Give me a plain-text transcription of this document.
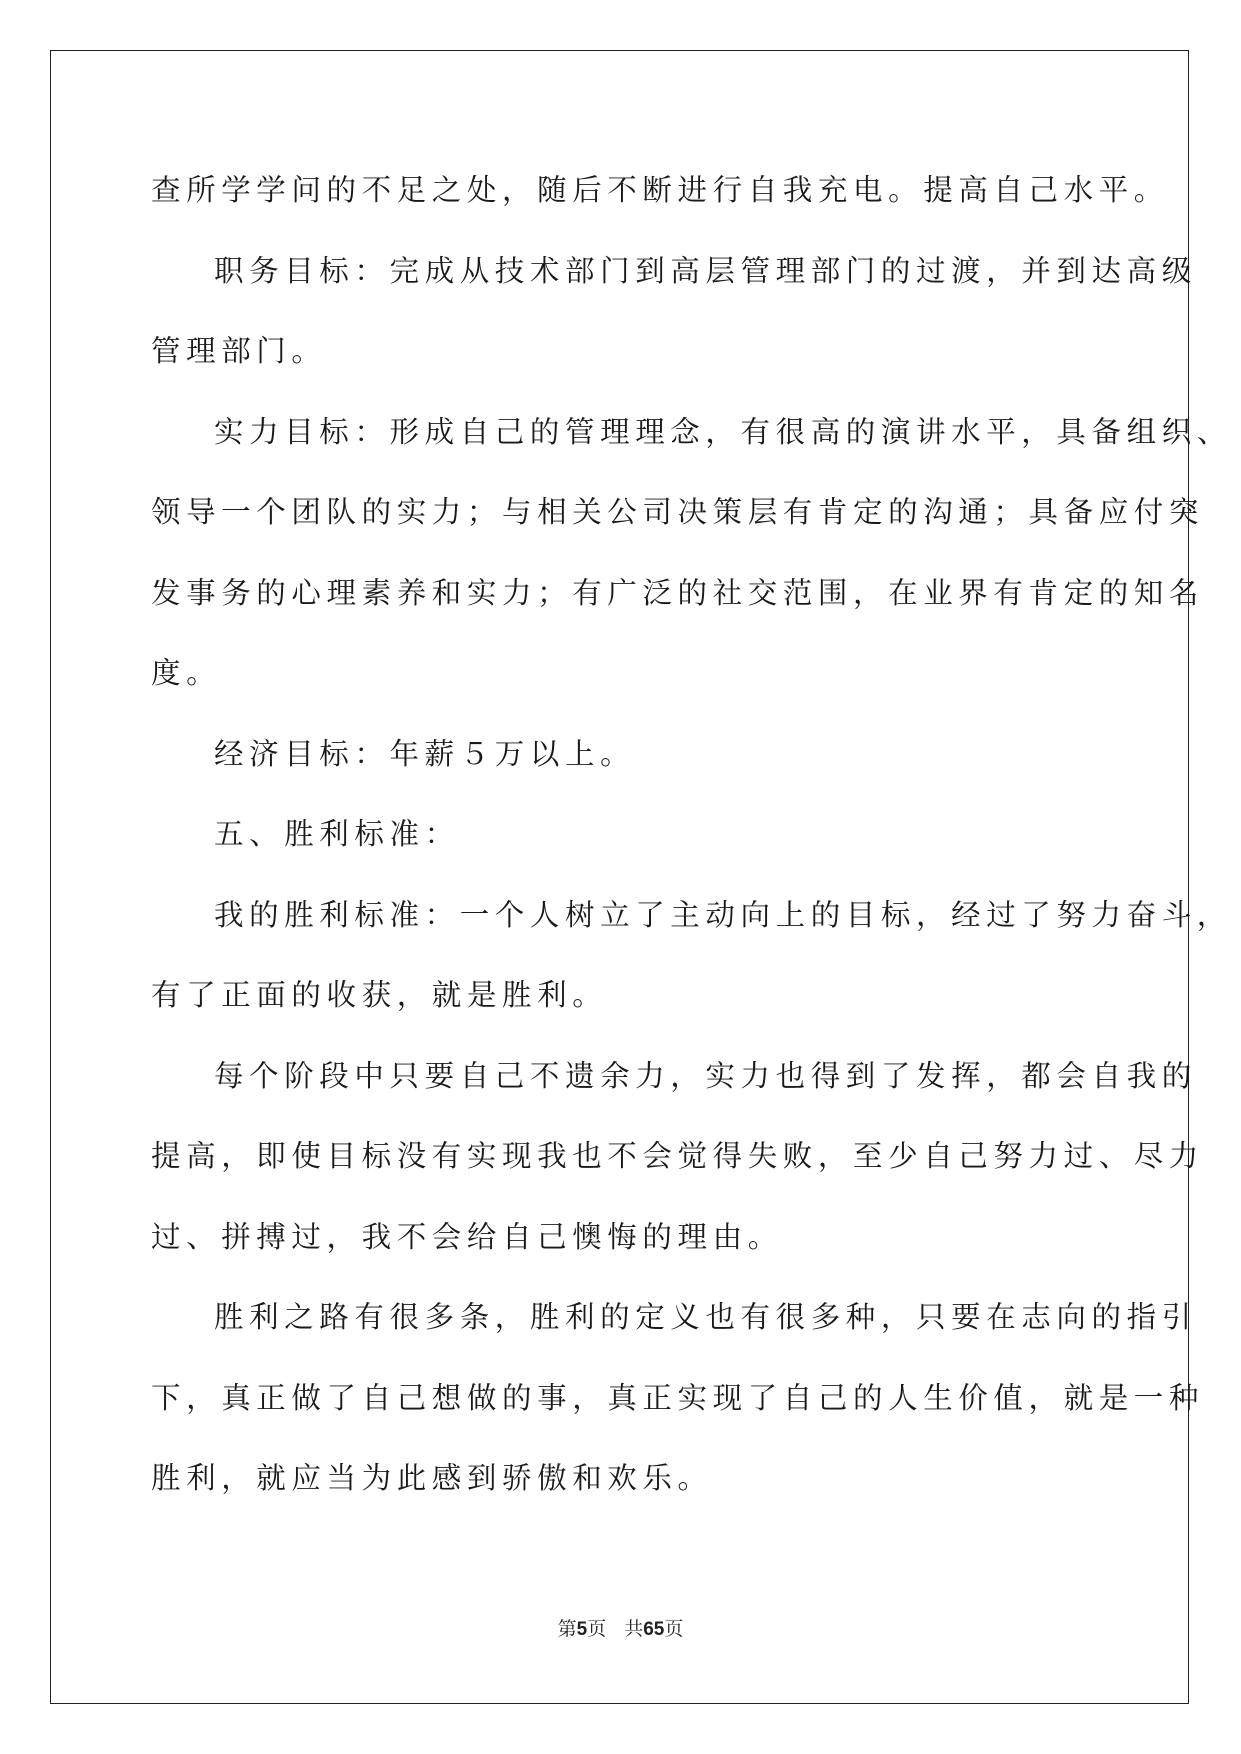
查所学学问的不足之处，随后不断进行自我充电。提高自己水平。
职务目标：完成从技术部门到高层管理部门的过渡，并到达高级
管理部门。
实力目标：形成自己的管理理念，有很高的演讲水平，具备组织、
领导一个团队的实力；与相关公司决策层有肯定的沟通；具备应付突
发事务的心理素养和实力；有广泛的社交范围，在业界有肯定的知名
度。
经济目标：年薪５万以上。
五、胜利标准：
我的胜利标准：一个人树立了主动向上的目标，经过了努力奋斗，
有了正面的收获，就是胜利。
每个阶段中只要自己不遗余力，实力也得到了发挥，都会自我的
提高，即使目标没有实现我也不会觉得失败，至少自己努力过、尽力
过、拼搏过，我不会给自己懊悔的理由。
胜利之路有很多条，胜利的定义也有很多种，只要在志向的指引
下，真正做了自己想做的事，真正实现了自己的人生价值，就是一种
胜利，就应当为此感到骄傲和欢乐。
第5页 共65页
